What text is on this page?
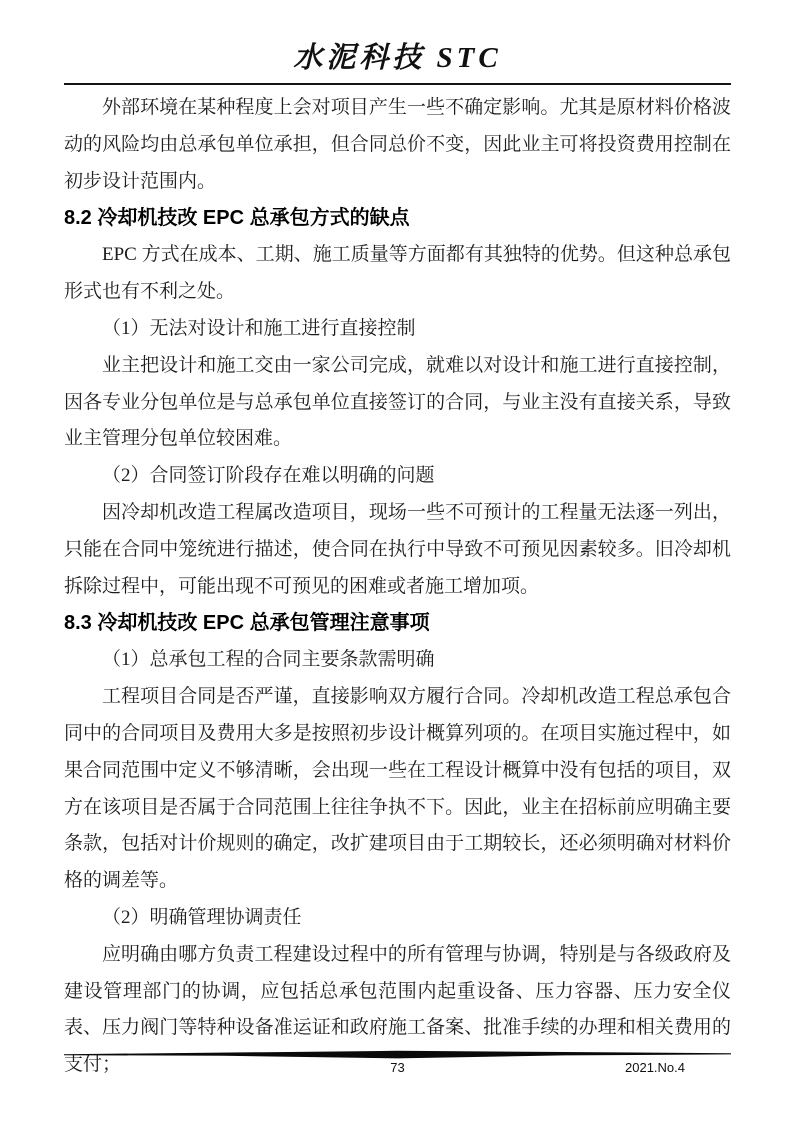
水泥科技 STC
外部环境在某种程度上会对项目产生一些不确定影响。尤其是原材料价格波动的风险均由总承包单位承担，但合同总价不变，因此业主可将投资费用控制在初步设计范围内。
8.2 冷却机技改 EPC 总承包方式的缺点
EPC 方式在成本、工期、施工质量等方面都有其独特的优势。但这种总承包形式也有不利之处。
（1）无法对设计和施工进行直接控制
业主把设计和施工交由一家公司完成，就难以对设计和施工进行直接控制，因各专业分包单位是与总承包单位直接签订的合同，与业主没有直接关系，导致业主管理分包单位较困难。
（2）合同签订阶段存在难以明确的问题
因冷却机改造工程属改造项目，现场一些不可预计的工程量无法逐一列出，只能在合同中笼统进行描述，使合同在执行中导致不可预见因素较多。旧冷却机拆除过程中，可能出现不可预见的困难或者施工增加项。
8.3 冷却机技改 EPC 总承包管理注意事项
（1）总承包工程的合同主要条款需明确
工程项目合同是否严谨，直接影响双方履行合同。冷却机改造工程总承包合同中的合同项目及费用大多是按照初步设计概算列项的。在项目实施过程中，如果合同范围中定义不够清晰，会出现一些在工程设计概算中没有包括的项目，双方在该项目是否属于合同范围上往往争执不下。因此，业主在招标前应明确主要条款，包括对计价规则的确定，改扩建项目由于工期较长，还必须明确对材料价格的调差等。
（2）明确管理协调责任
应明确由哪方负责工程建设过程中的所有管理与协调，特别是与各级政府及建设管理部门的协调，应包括总承包范围内起重设备、压力容器、压力安全仪表、压力阀门等特种设备准运证和政府施工备案、批准手续的办理和相关费用的支付；	73	2021.No.4
